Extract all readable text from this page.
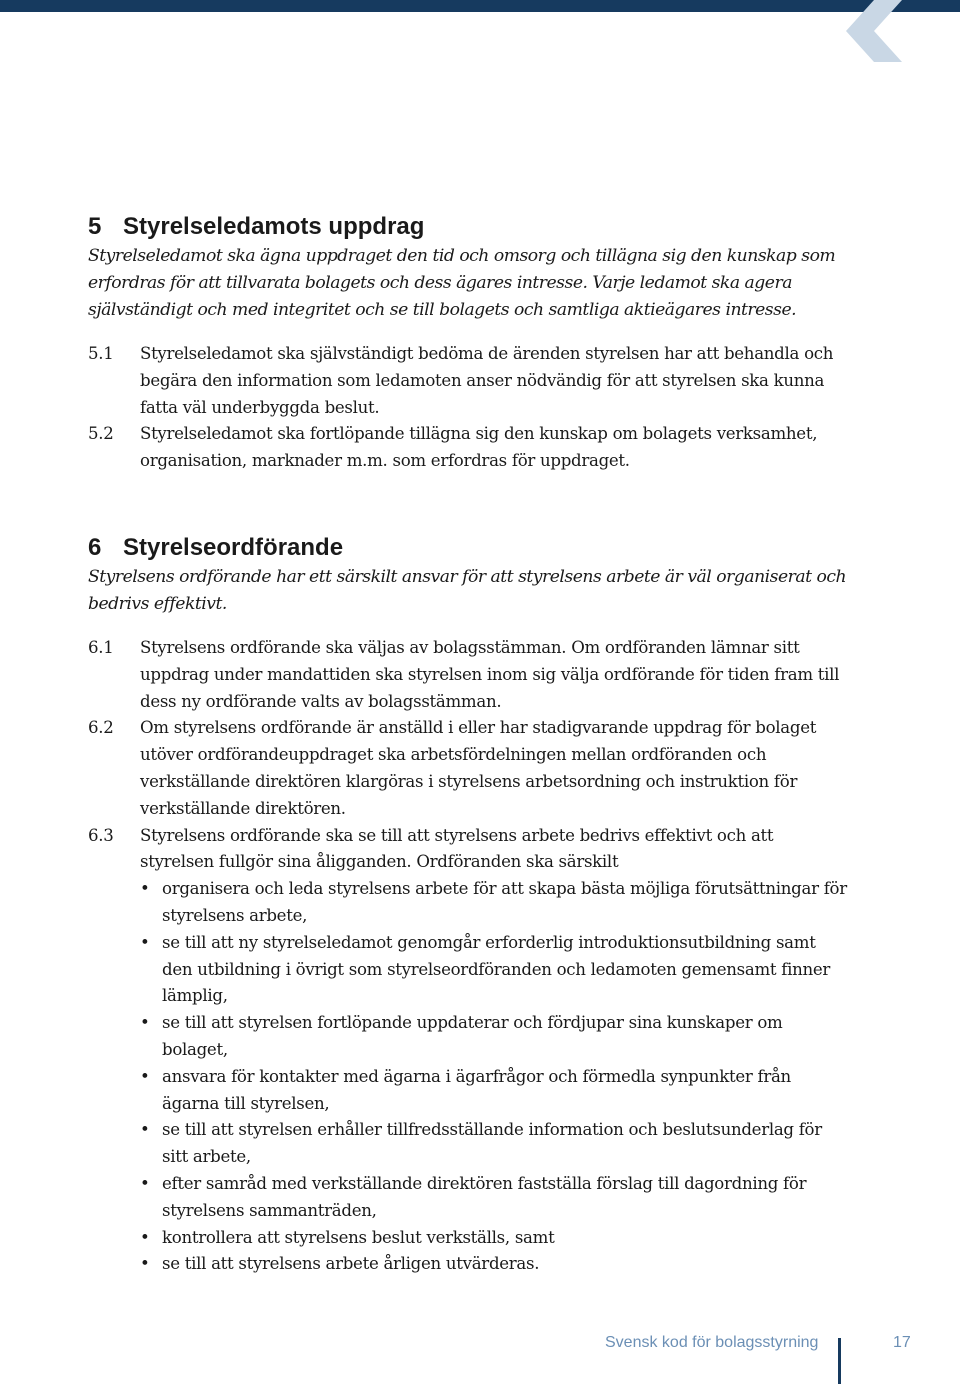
5 Styrelseledamots uppdrag

Styrelseledamot ska ägna uppdraget den tid och omsorg och tillägna sig den kunskap som erfordras för att tillvarata bolagets och dess ägares intresse. Varje ledamot ska agera självständigt och med integritet och se till bolagets och samtliga aktieägares intresse.

5.1	Styrelseledamot ska självständigt bedöma de ärenden styrelsen har att behandla och begära den information som ledamoten anser nödvändig för att styrelsen ska kunna fatta väl underbyggda beslut.
5.2	Styrelseledamot ska fortlöpande tillägna sig den kunskap om bolagets verksamhet, organisation, marknader m.m. som erfordras för uppdraget.
6 Styrelseordförande

Styrelsens ordförande har ett särskilt ansvar för att styrelsens arbete är väl organiserat och bedrivs effektivt.

6.1	Styrelsens ordförande ska väljas av bolagsstämman. Om ordföranden lämnar sitt uppdrag under mandattiden ska styrelsen inom sig välja ordförande för tiden fram till dess ny ordförande valts av bolagsstämman.
6.2	Om styrelsens ordförande är anställd i eller har stadigvarande uppdrag för bolaget utöver ordförandeuppdraget ska arbetsfördelningen mellan ordföranden och verkställande direktören klargöras i styrelsens arbetsordning och instruktion för verkställande direktören.
6.3	Styrelsens ordförande ska se till att styrelsens arbete bedrivs effektivt och att styrelsen fullgör sina åligganden. Ordföranden ska särskilt
• organisera och leda styrelsens arbete för att skapa bästa möjliga förutsättningar för styrelsens arbete,
• se till att ny styrelseledamot genomgår erforderlig introduktionsutbildning samt den utbildning i övrigt som styrelseordföranden och ledamoten gemensamt finner lämplig,
• se till att styrelsen fortlöpande uppdaterar och fördjupar sina kunskaper om bolaget,
• ansvara för kontakter med ägarna i ägarfrågor och förmedla synpunkter från ägarna till styrelsen,
• se till att styrelsen erhåller tillfredsställande information och beslutsunderlag för sitt arbete,
• efter samråd med verkställande direktören fastställa förslag till dagordning för styrelsens sammanträden,
• kontrollera att styrelsens beslut verkställs, samt
• se till att styrelsens arbete årligen utvärderas.
Svensk kod för bolagsstyrning	17
